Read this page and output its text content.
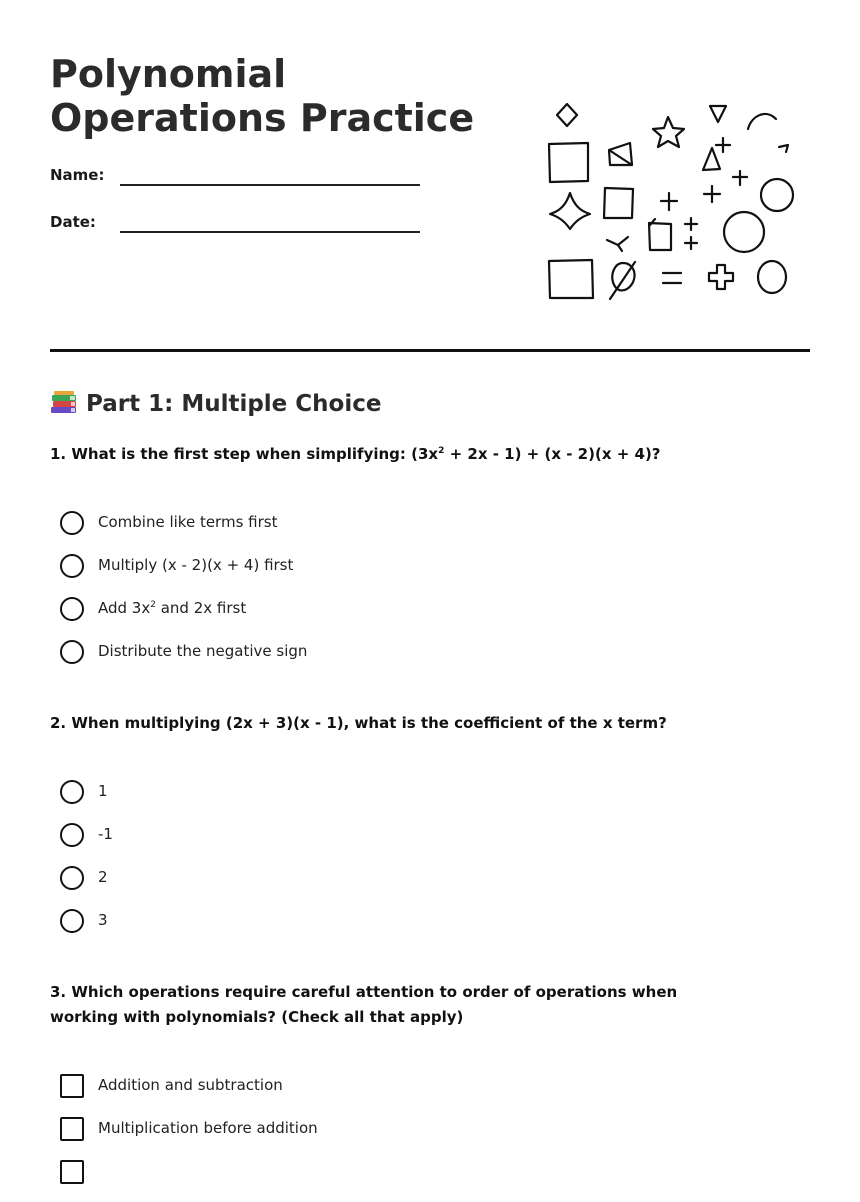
Polynomial Operations Practice
Name:
Date:
Part 1: Multiple Choice

1. What is the first step when simplifying: $(3x^2 + 2x - 1) + (x - 2)(x + 4)$?

Combine like terms first
Multiply (x - 2)(x + 4) first
Add $3x^2$ and 2x first
Distribute the negative sign

2. When multiplying (2x + 3)(x - 1), what is the coefficient of the x term?

1
-1
2
3

3. Which operations require careful attention to order of operations when working with polynomials? (Check all that apply)

Addition and subtraction
Multiplication before addition
